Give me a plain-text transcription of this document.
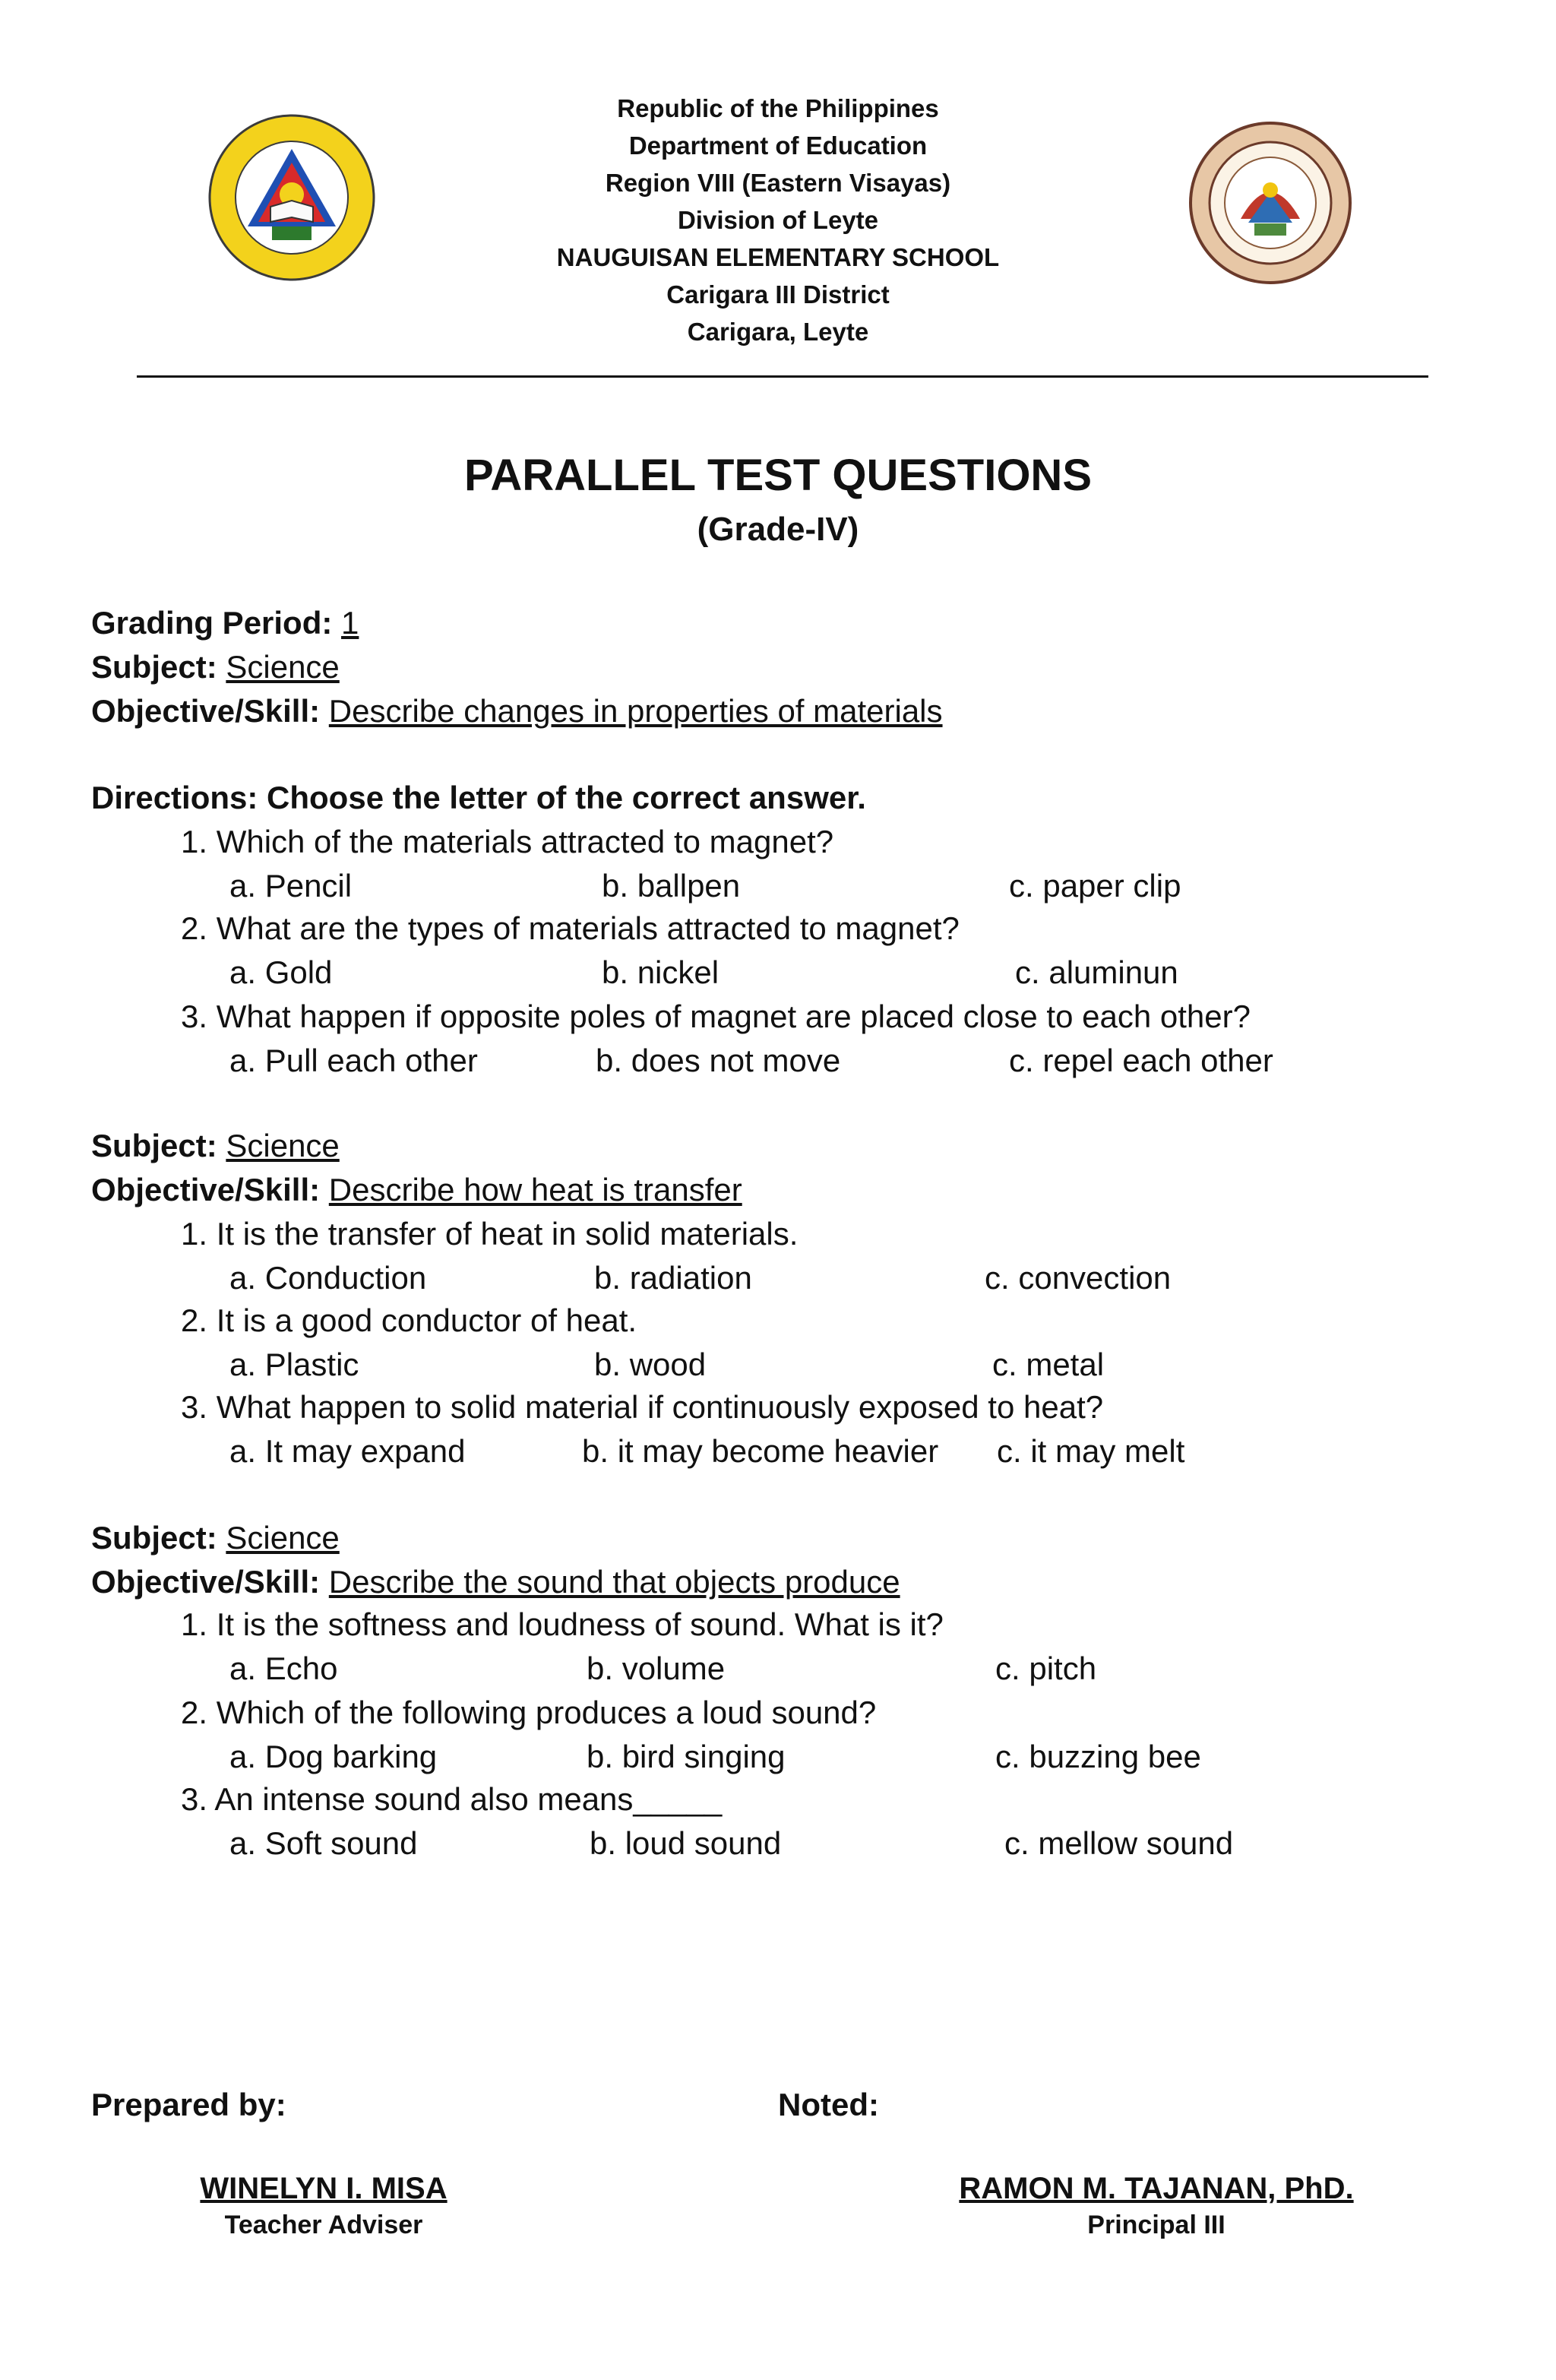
Republic of the Philippines
Department of Education
Region VIII (Eastern Visayas)
Division of Leyte
NAUGUISAN ELEMENTARY SCHOOL
Carigara III District
Carigara, Leyte
PARALLEL TEST QUESTIONS
(Grade-IV)
Grading Period: 1
Subject: Science
Objective/Skill: Describe changes in properties of materials
Directions: Choose the letter of the correct answer.
1. Which of the materials attracted to magnet?
a. Pencil	b. ballpen	c. paper clip
2. What are the types of materials attracted to magnet?
a. Gold	b. nickel	c. aluminun
3. What happen if opposite poles of magnet are placed close to each other?
a. Pull each other	b. does not move	c. repel each other
Subject: Science
Objective/Skill: Describe how heat is transfer
1. It is the transfer of heat in solid materials.
a. Conduction	b. radiation	c. convection
2. It is a good conductor of heat.
a. Plastic	b. wood	c. metal
3. What happen to solid material if continuously exposed to heat?
a. It may expand	b. it may become heavier c. it may melt
Subject: Science
Objective/Skill: Describe the sound that objects produce
1. It is the softness and loudness of sound. What is it?
a. Echo	b. volume	c. pitch
2. Which of the following produces a loud sound?
a. Dog barking	b. bird singing	c. buzzing bee
3. An intense sound also means_____
a. Soft sound	b. loud sound	c. mellow sound
Prepared by:	Noted:
WINELYN I. MISA
Teacher Adviser
RAMON M. TAJANAN, PhD.
Principal III
